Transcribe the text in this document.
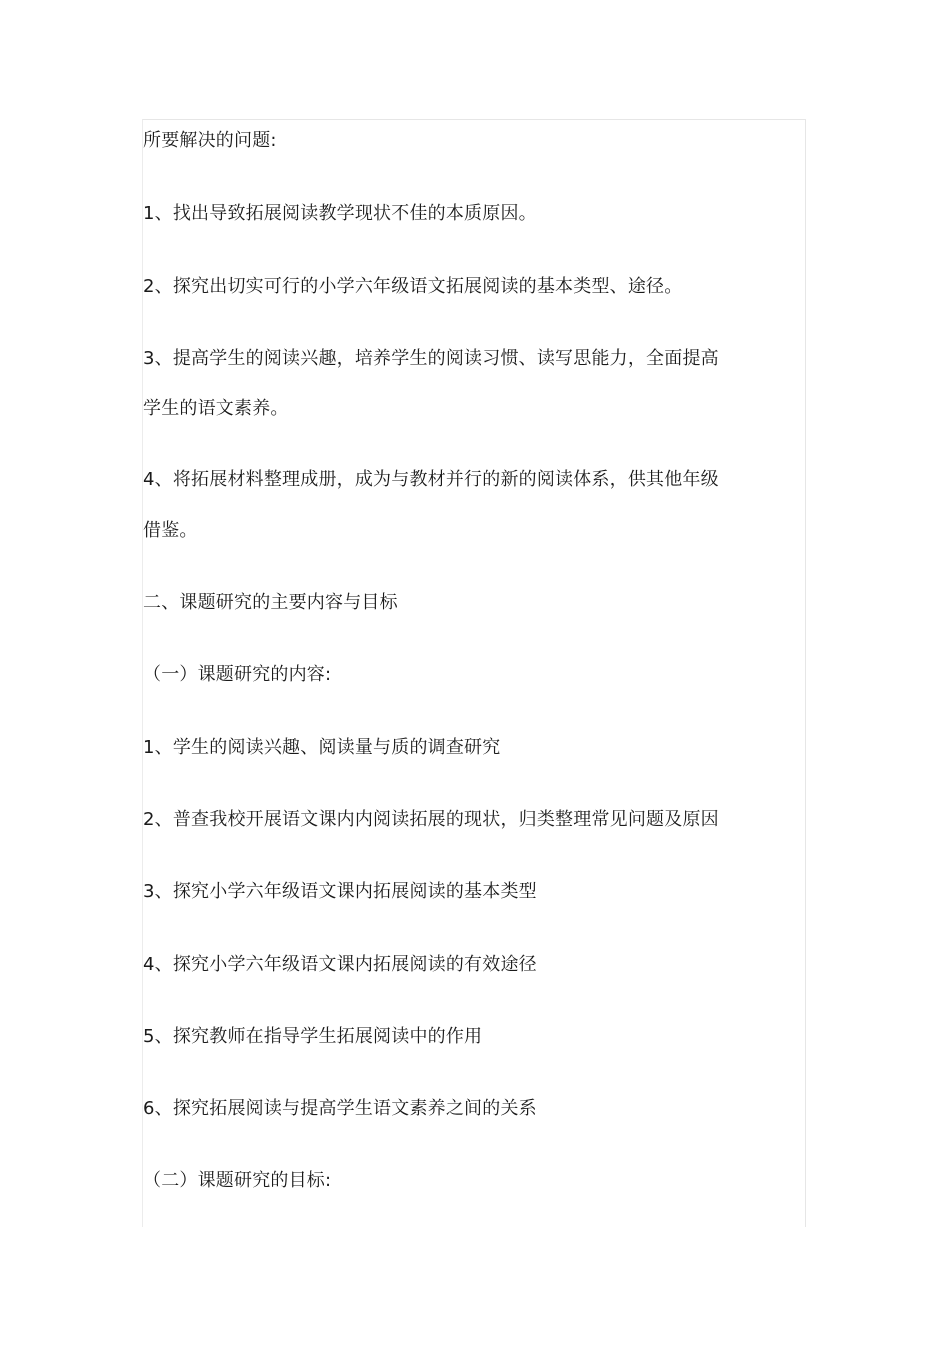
所要解决的问题:
1、找出导致拓展阅读教学现状不佳的本质原因。
2、探究出切实可行的小学六年级语文拓展阅读的基本类型、途径。
3、提高学生的阅读兴趣，培养学生的阅读习惯、读写思能力，全面提高
学生的语文素养。
4、将拓展材料整理成册，成为与教材并行的新的阅读体系，供其他年级
借鉴。
二、课题研究的主要内容与目标
（一）课题研究的内容:
1、学生的阅读兴趣、阅读量与质的调查研究
2、普查我校开展语文课内内阅读拓展的现状，归类整理常见问题及原因
3、探究小学六年级语文课内拓展阅读的基本类型
4、探究小学六年级语文课内拓展阅读的有效途径
5、探究教师在指导学生拓展阅读中的作用
6、探究拓展阅读与提高学生语文素养之间的关系
（二）课题研究的目标:
